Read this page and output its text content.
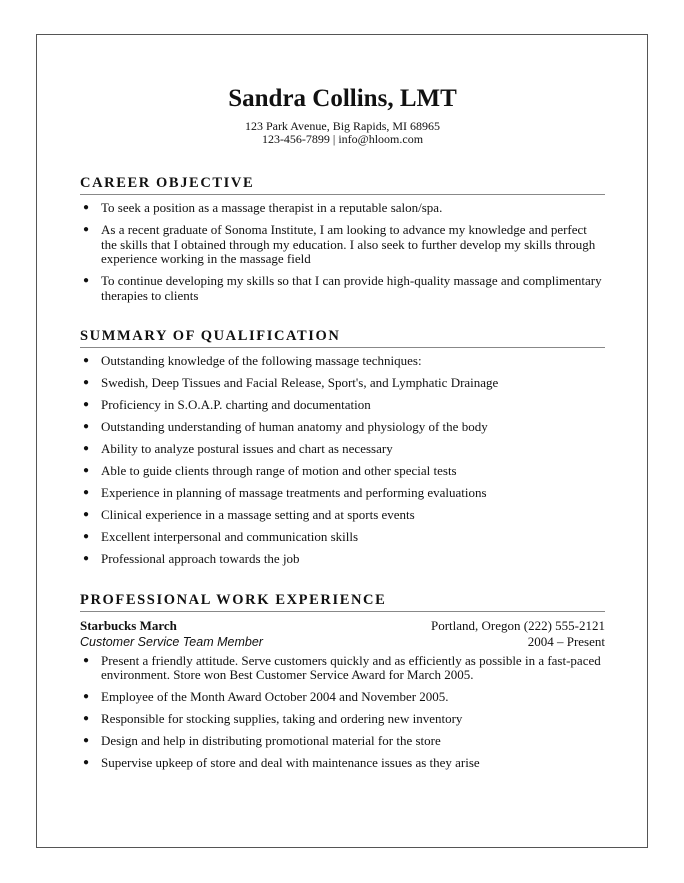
Sandra Collins, LMT
123 Park Avenue, Big Rapids, MI 68965
123-456-7899 | info@hloom.com
CAREER OBJECTIVE
● To seek a position as a massage therapist in a reputable salon/spa.
● As a recent graduate of Sonoma Institute, I am looking to advance my knowledge and perfect the skills that I obtained through my education. I also seek to further develop my skills through experience working in the massage field
● To continue developing my skills so that I can provide high-quality massage and complimentary therapies to clients
SUMMARY OF QUALIFICATION
● Outstanding knowledge of the following massage techniques:
● Swedish, Deep Tissues and Facial Release, Sport's, and Lymphatic Drainage
● Proficiency in S.O.A.P. charting and documentation
● Outstanding understanding of human anatomy and physiology of the body
● Ability to analyze postural issues and chart as necessary
● Able to guide clients through range of motion and other special tests
● Experience in planning of massage treatments and performing evaluations
● Clinical experience in a massage setting and at sports events
● Excellent interpersonal and communication skills
● Professional approach towards the job
PROFESSIONAL WORK EXPERIENCE
Starbucks March	Portland, Oregon (222) 555-2121
Customer Service Team Member	2004 – Present
● Present a friendly attitude. Serve customers quickly and as efficiently as possible in a fast-paced environment. Store won Best Customer Service Award for March 2005.
● Employee of the Month Award October 2004 and November 2005.
● Responsible for stocking supplies, taking and ordering new inventory
● Design and help in distributing promotional material for the store
● Supervise upkeep of store and deal with maintenance issues as they arise
